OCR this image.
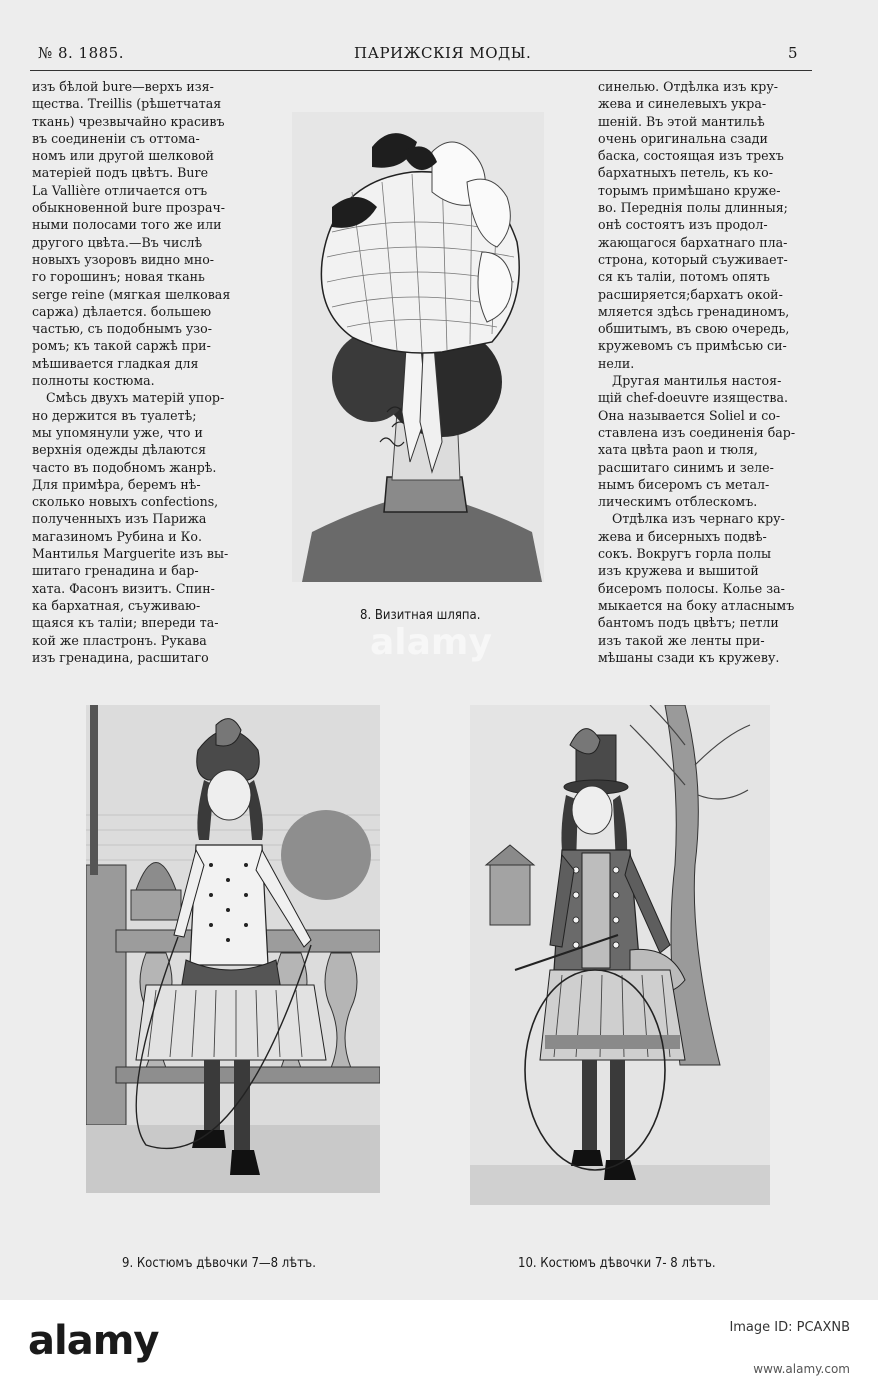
№ 8. 1885.	ПАРИЖСКIЯ МОДЫ.	5

изъ бѣлой bure—верхъ изя-

щества. Treillis (рѣшетчатая

ткань) чрезвычайно красивъ

въ соединенiи съ оттома-

номъ или другой шелковой

матерiей подъ цвѣтъ. Bure

La Vallière отличается отъ

обыкновенной bure прозрач-

ными полосами того же или

другого цвѣта.—Въ числѣ

новыхъ узоровъ видно мно-

го горошинъ; новая ткань

serge reine (мягкая шелковая

саржа) дѣлается. большею

частью, съ подобнымъ узо-

ромъ; къ такой саржѣ при-

мѣшивается гладкая для

полноты костюма.

Смѣсь двухъ матерiй упор-

но держится въ туалетѣ;

мы упомянули уже, что и

верхнiя одежды дѣлаются

часто въ подобномъ жанрѣ.

Для примѣра, беремъ нѣ-

сколько новыхъ confections,

полученныхъ изъ Парижа

магазиномъ Рубина и Ко.

Мантилья Marguerite изъ вы-

шитаго гренадина и бар-

хата. Фасонъ визитъ. Спин-

ка бархатная, съуживаю-

щаяся къ талiи; впереди та-

кой же пластронъ. Рукава

изъ гренадина, расшитаго

синелью. Отдѣлка изъ кру-

жева и синелевыхъ укра-

шенiй. Въ этой мантильѣ

очень оригинальна сзади

баска, состоящая изъ трехъ

бархатныхъ петель, къ ко-

торымъ примѣшано круже-

во. Переднiя полы длинныя;

онѣ состоятъ изъ продол-

жающагося бархатнаго пла-

строна, который съуживает-

ся къ талiи, потомъ опять

расширяется;бархатъ окой-

мляется здѣсь гренадиномъ,

обшитымъ, въ свою очередь,

кружевомъ съ примѣсью си-

нели.

Другая мантилья настоя-

щiй chef-doeuvre изящества.

Она называется Soliel и со-

ставлена изъ соединенiя бар-

хата цвѣта paon и тюля,

расшитаго синимъ и зеле-

нымъ бисеромъ съ метал-

лическимъ отблескомъ.

Отдѣлка изъ чернаго кру-

жева и бисерныхъ подвѣ-

сокъ. Вокругъ горла полы

изъ кружева и вышитой

бисеромъ полосы. Колье за-

мыкается на боку атласнымъ

бантомъ подъ цвѣтъ; петли

изъ такой же ленты при-

мѣшаны сзади къ кружеву.

8. Визитная шляпа.
9. Костюмъ дѣвочки 7—8 лѣтъ.	10. Костюмъ дѣвочки 7- 8 лѣтъ.
alamy
alamy	Image ID: PCAXNB
www.alamy.com
